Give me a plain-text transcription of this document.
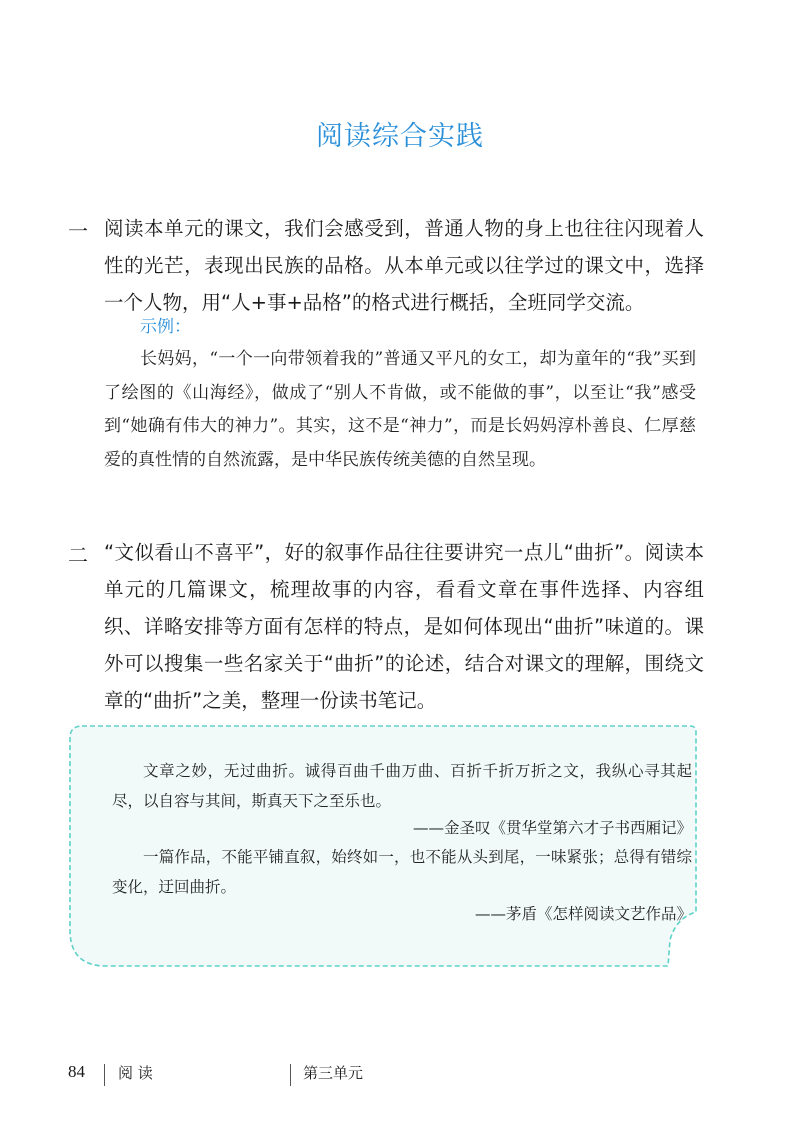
阅读综合实践
一 阅读本单元的课文，我们会感受到，普通人物的身上也往往闪现着人性的光芒，表现出民族的品格。从本单元或以往学过的课文中，选择一个人物，用“人+事+品格”的格式进行概括，全班同学交流。
示例：
长妈妈，“一个一向带领着我的”普通又平凡的女工，却为童年的“我”买到了绘图的《山海经》，做成了“别人不肯做，或不能做的事”，以至让“我”感受到“她确有伟大的神力”。其实，这不是“神力”，而是长妈妈淳朴善良、仁厚慈爱的真性情的自然流露，是中华民族传统美德的自然呈现。
二 “文似看山不喜平”，好的叙事作品往往要讲究一点儿“曲折”。阅读本单元的几篇课文，梳理故事的内容，看看文章在事件选择、内容组织、详略安排等方面有怎样的特点，是如何体现出“曲折”味道的。课外可以搜集一些名家关于“曲折”的论述，结合对课文的理解，围绕文章的“曲折”之美，整理一份读书笔记。
文章之妙，无过曲折。诚得百曲千曲万曲、百折千折万折之文，我纵心寻其起尽，以自容与其间，斯真天下之至乐也。
——金圣叹《贯华堂第六才子书西厢记》
一篇作品，不能平铺直叙，始终如一，也不能从头到尾，一味紧张；总得有错综变化，迂回曲折。
——茅盾《怎样阅读文艺作品》
84 阅 读	第三单元
